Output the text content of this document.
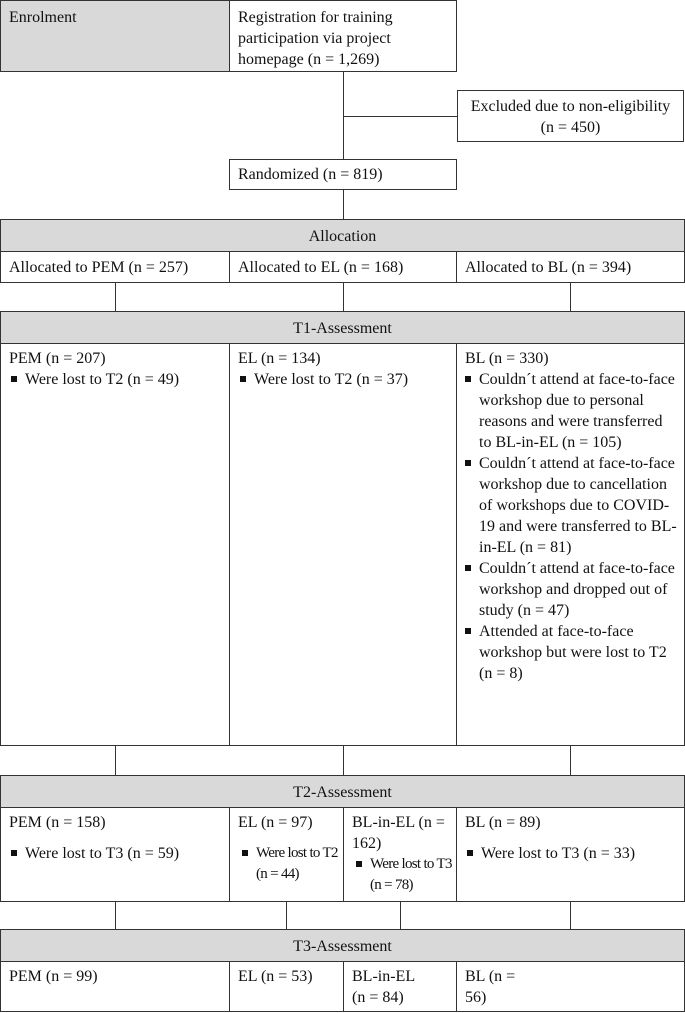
Enrolment	Registration for training participation via project homepage (n = 1,269)
Excluded due to non-eligibility (n = 450)
Randomized (n = 819)
Allocation
Allocated to PEM (n = 257)	Allocated to EL (n = 168)	Allocated to BL (n = 394)
T1-Assessment
PEM (n = 207)
Were lost to T2 (n = 49)
EL (n = 134)
Were lost to T2 (n = 37)
BL (n = 330)
Couldn´t attend at face-to-face workshop due to personal reasons and were transferred to BL-in-EL (n = 105)
Couldn´t attend at face-to-face workshop due to cancellation of workshops due to COVID-19 and were transferred to BL-in-EL (n = 81)
Couldn´t attend at face-to-face workshop and dropped out of study (n = 47)
Attended at face-to-face workshop but were lost to T2 (n = 8)
T2-Assessment
PEM (n = 158)
Were lost to T3 (n = 59)
EL (n = 97)
Were lost to T2 (n = 44)
BL-in-EL (n = 162)
Were lost to T3 (n = 78)
BL (n = 89)
Were lost to T3 (n = 33)
T3-Assessment
PEM (n = 99)	EL (n = 53)	BL-in-EL (n = 84)
BL (n = 56)
